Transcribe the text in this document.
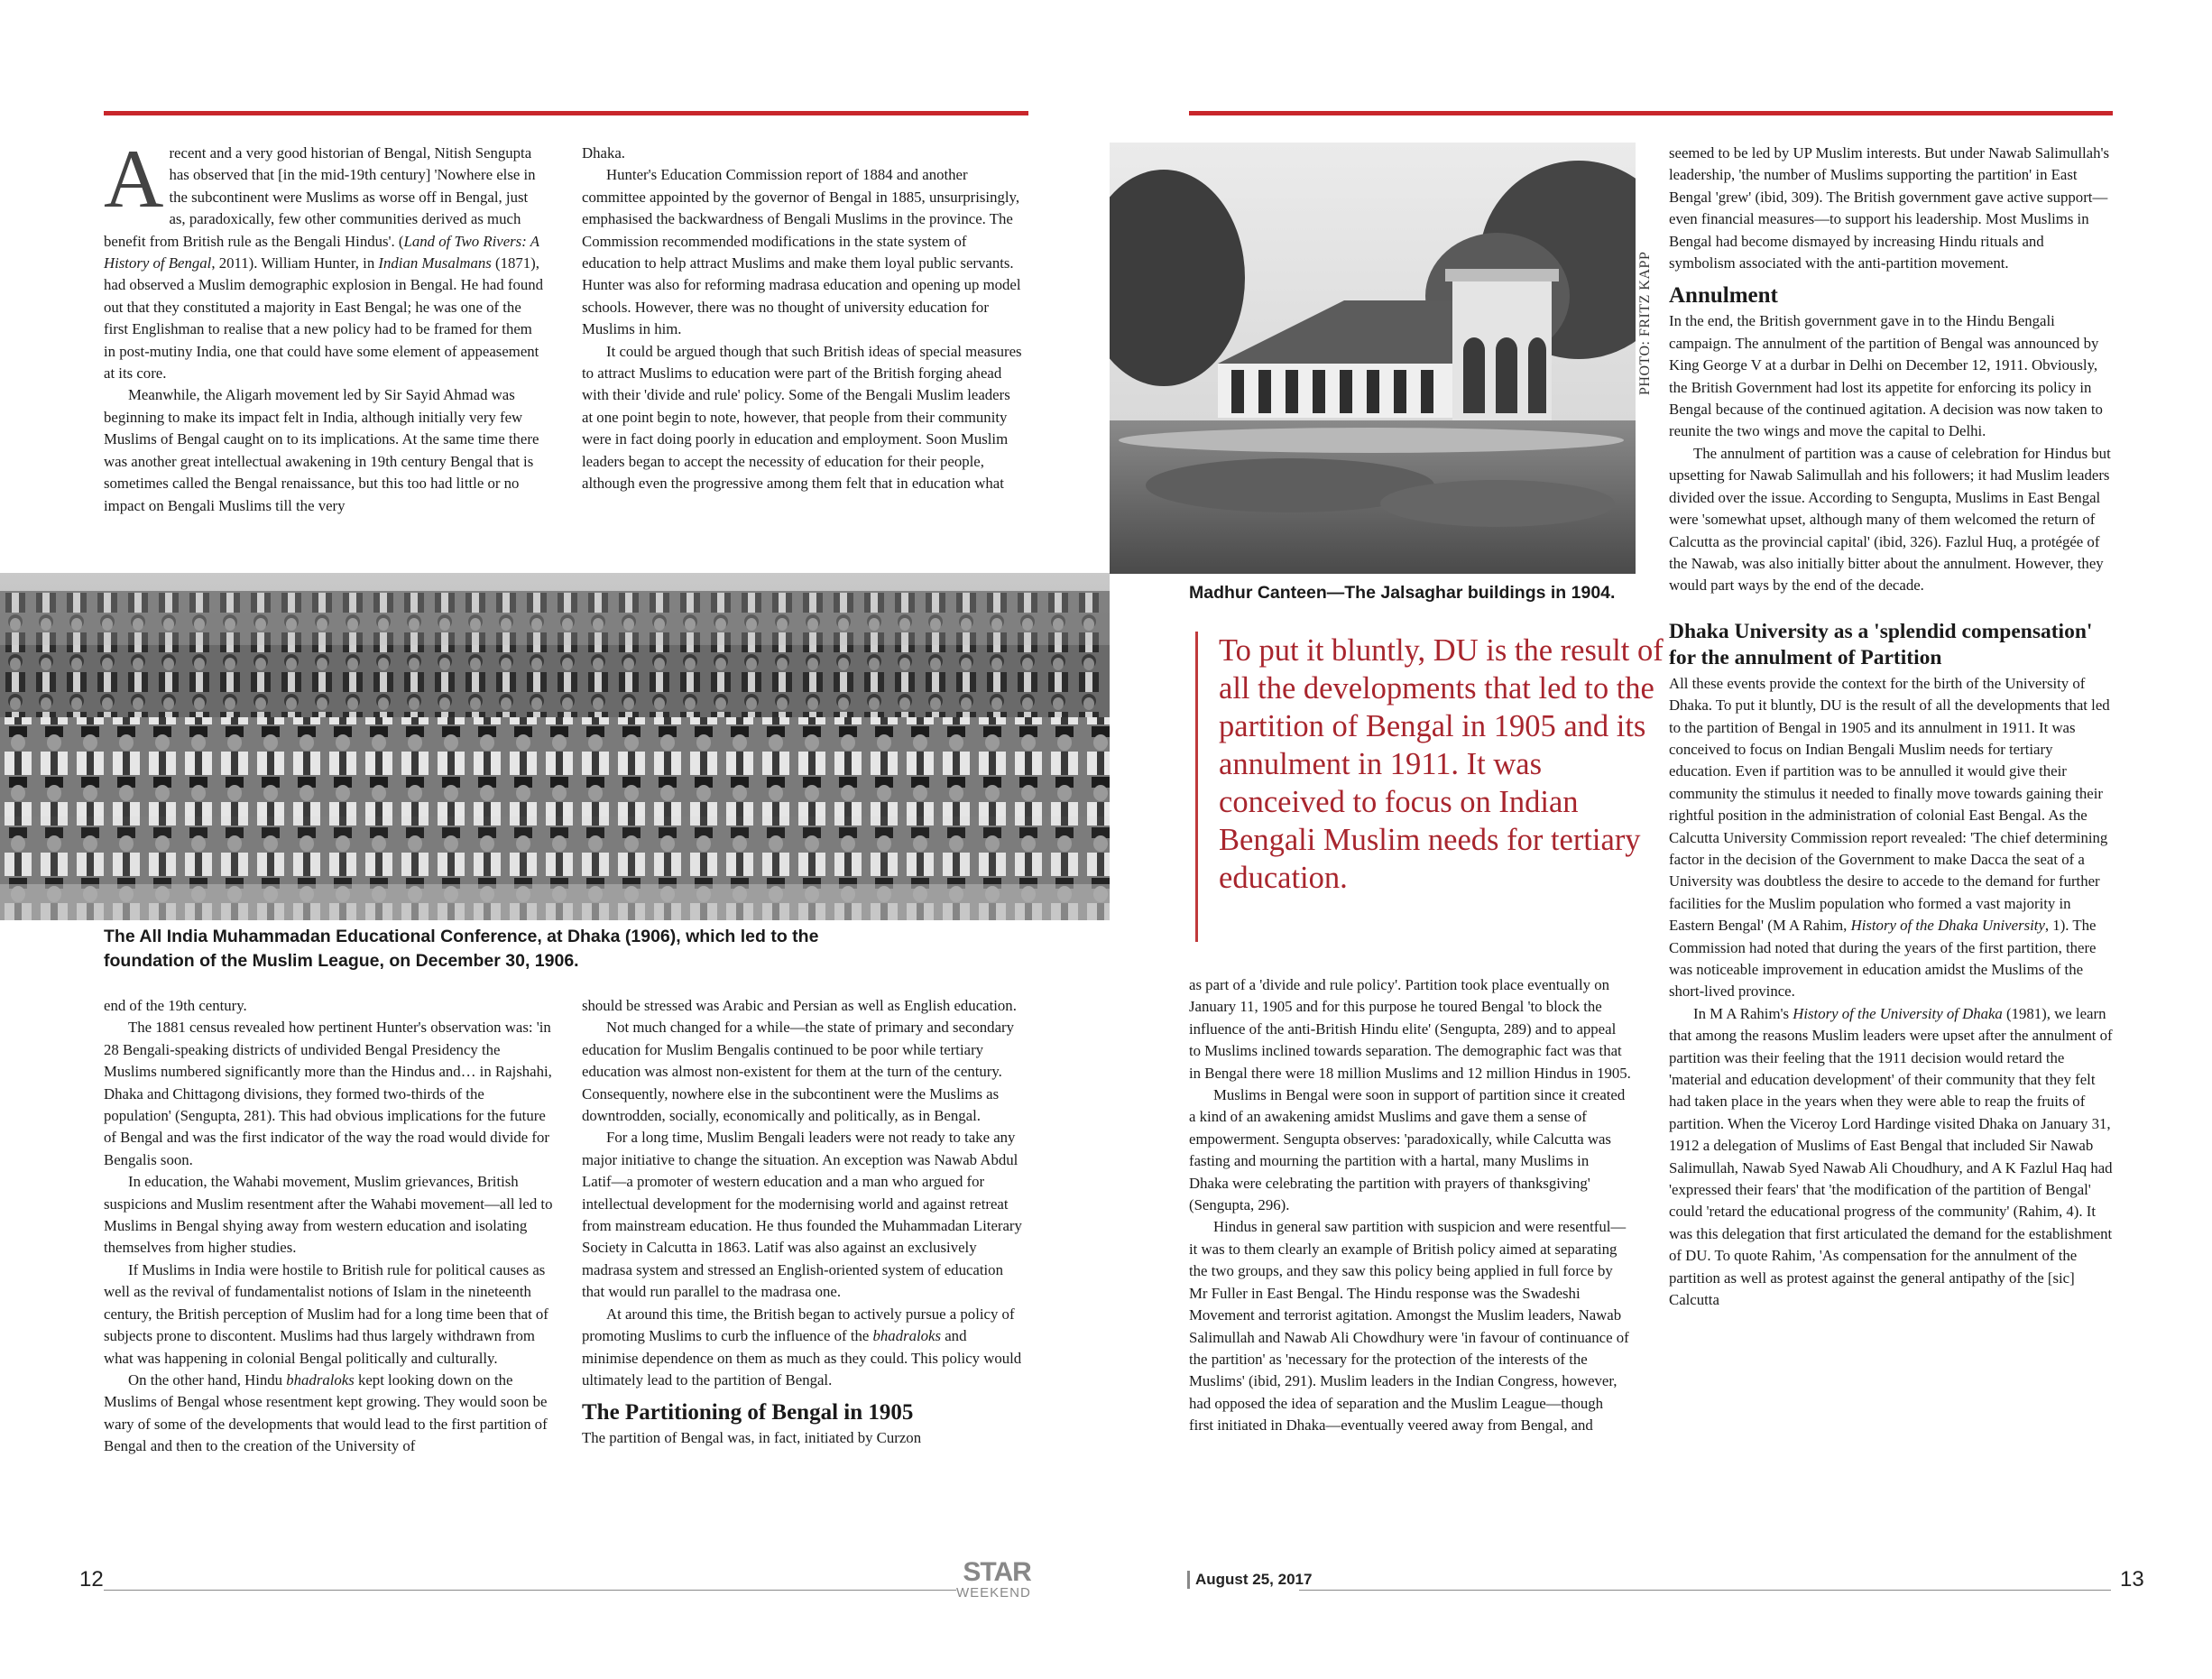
A recent and a very good historian of Bengal, Nitish Sengupta has observed that [in the mid-19th century] 'Nowhere else in the subcontinent were Muslims as worse off in Bengal, just as, paradoxically, few other communities derived as much benefit from British rule as the Bengali Hindus'. (Land of Two Rivers: A History of Bengal, 2011). William Hunter, in Indian Musalmans (1871), had observed a Muslim demographic explosion in Bengal. He had found out that they constituted a majority in East Bengal; he was one of the first Englishman to realise that a new policy had to be framed for them in post-mutiny India, one that could have some element of appeasement at its core.

Meanwhile, the Aligarh movement led by Sir Sayid Ahmad was beginning to make its impact felt in India, although initially very few Muslims of Bengal caught on to its implications. At the same time there was another great intellectual awakening in 19th century Bengal that is sometimes called the Bengal renaissance, but this too had little or no impact on Bengali Muslims till the very

Dhaka.

Hunter's Education Commission report of 1884 and another committee appointed by the governor of Bengal in 1885, unsurprisingly, emphasised the backwardness of Bengali Muslims in the province. The Commission recommended modifications in the state system of education to help attract Muslims and make them loyal public servants. Hunter was also for reforming madrasa education and opening up model schools. However, there was no thought of university education for Muslims in him.

It could be argued though that such British ideas of special measures to attract Muslims to education were part of the British forging ahead with their 'divide and rule' policy. Some of the Bengali Muslim leaders at one point begin to note, however, that people from their community were in fact doing poorly in education and employment. Soon Muslim leaders began to accept the necessity of education for their people, although even the progressive among them felt that in education what

The All India Muhammadan Educational Conference, at Dhaka (1906), which led to the foundation of the Muslim League, on December 30, 1906.

end of the 19th century.

The 1881 census revealed how pertinent Hunter's observation was: 'in 28 Bengali-speaking districts of undivided Bengal Presidency the Muslims numbered significantly more than the Hindus and… in Rajshahi, Dhaka and Chittagong divisions, they formed two-thirds of the population' (Sengupta, 281). This had obvious implications for the future of Bengal and was the first indicator of the way the road would divide for Bengalis soon.

In education, the Wahabi movement, Muslim grievances, British suspicions and Muslim resentment after the Wahabi movement—all led to Muslims in Bengal shying away from western education and isolating themselves from higher studies.

If Muslims in India were hostile to British rule for political causes as well as the revival of fundamentalist notions of Islam in the nineteenth century, the British perception of Muslim had for a long time been that of subjects prone to discontent. Muslims had thus largely withdrawn from what was happening in colonial Bengal politically and culturally.

On the other hand, Hindu bhadraloks kept looking down on the Muslims of Bengal whose resentment kept growing. They would soon be wary of some of the developments that would lead to the first partition of Bengal and then to the creation of the University of

should be stressed was Arabic and Persian as well as English education.

Not much changed for a while—the state of primary and secondary education for Muslim Bengalis continued to be poor while tertiary education was almost non-existent for them at the turn of the century. Consequently, nowhere else in the subcontinent were the Muslims as downtrodden, socially, economically and politically, as in Bengal.

For a long time, Muslim Bengali leaders were not ready to take any major initiative to change the situation. An exception was Nawab Abdul Latif—a promoter of western education and a man who argued for intellectual development for the modernising world and against retreat from mainstream education. He thus founded the Muhammadan Literary Society in Calcutta in 1863. Latif was also against an exclusively madrasa system and stressed an English-oriented system of education that would run parallel to the madrasa one.

At around this time, the British began to actively pursue a policy of promoting Muslims to curb the influence of the bhadraloks and minimise dependence on them as much as they could. This policy would ultimately lead to the partition of Bengal.

The Partitioning of Bengal in 1905

The partition of Bengal was, in fact, initiated by Curzon

PHOTO: FRITZ KAPP
Madhur Canteen—The Jalsaghar buildings in 1904.
To put it bluntly, DU is the result of all the developments that led to the partition of Bengal in 1905 and its annulment in 1911. It was conceived to focus on Indian Bengali Muslim needs for tertiary education.

as part of a 'divide and rule policy'. Partition took place eventually on January 11, 1905 and for this purpose he toured Bengal 'to block the influence of the anti-British Hindu elite' (Sengupta, 289) and to appeal to Muslims inclined towards separation. The demographic fact was that in Bengal there were 18 million Muslims and 12 million Hindus in 1905.

Muslims in Bengal were soon in support of partition since it created a kind of an awakening amidst Muslims and gave them a sense of empowerment. Sengupta observes: 'paradoxically, while Calcutta was fasting and mourning the partition with a hartal, many Muslims in Dhaka were celebrating the partition with prayers of thanksgiving' (Sengupta, 296).

Hindus in general saw partition with suspicion and were resentful—it was to them clearly an example of British policy aimed at separating the two groups, and they saw this policy being applied in full force by Mr Fuller in East Bengal. The Hindu response was the Swadeshi Movement and terrorist agitation. Amongst the Muslim leaders, Nawab Salimullah and Nawab Ali Chowdhury were 'in favour of continuance of the partition' as 'necessary for the protection of the interests of the Muslims' (ibid, 291). Muslim leaders in the Indian Congress, however, had opposed the idea of separation and the Muslim League—though first initiated in Dhaka—eventually veered away from Bengal, and

seemed to be led by UP Muslim interests. But under Nawab Salimullah's leadership, 'the number of Muslims supporting the partition' in East Bengal 'grew' (ibid, 309). The British government gave active support—even financial measures—to support his leadership. Most Muslims in Bengal had become dismayed by increasing Hindu rituals and symbolism associated with the anti-partition movement.

Annulment

In the end, the British government gave in to the Hindu Bengali campaign. The annulment of the partition of Bengal was announced by King George V at a durbar in Delhi on December 12, 1911. Obviously, the British Government had lost its appetite for enforcing its policy in Bengal because of the continued agitation. A decision was now taken to reunite the two wings and move the capital to Delhi.

The annulment of partition was a cause of celebration for Hindus but upsetting for Nawab Salimullah and his followers; it had Muslim leaders divided over the issue. According to Sengupta, Muslims in East Bengal were 'somewhat upset, although many of them welcomed the return of Calcutta as the provincial capital' (ibid, 326). Fazlul Huq, a protégée of the Nawab, was also initially bitter about the annulment. However, they would part ways by the end of the decade.

Dhaka University as a 'splendid compensation' for the annulment of Partition

All these events provide the context for the birth of the University of Dhaka. To put it bluntly, DU is the result of all the developments that led to the partition of Bengal in 1905 and its annulment in 1911. It was conceived to focus on Indian Bengali Muslim needs for tertiary education. Even if partition was to be annulled it would give their community the stimulus it needed to finally move towards gaining their rightful position in the administration of colonial East Bengal. As the Calcutta University Commission report revealed: 'The chief determining factor in the decision of the Government to make Dacca the seat of a University was doubtless the desire to accede to the demand for further facilities for the Muslim population who formed a vast majority in Eastern Bengal' (M A Rahim, History of the Dhaka University, 1). The Commission had noted that during the years of the first partition, there was noticeable improvement in education amidst the Muslims of the short-lived province.

In M A Rahim's History of the University of Dhaka (1981), we learn that among the reasons Muslim leaders were upset after the annulment of partition was their feeling that the 1911 decision would retard the 'material and education development' of their community that they felt had taken place in the years when they were able to reap the fruits of partition. When the Viceroy Lord Hardinge visited Dhaka on January 31, 1912 a delegation of Muslims of East Bengal that included Sir Nawab Salimullah, Nawab Syed Nawab Ali Choudhury, and A K Fazlul Haq had 'expressed their fears' that 'the modification of the partition of Bengal' could 'retard the educational progress of the community' (Rahim, 4). It was this delegation that first articulated the demand for the establishment of DU. To quote Rahim, 'As compensation for the annulment of the partition as well as protest against the general antipathy of the [sic] Calcutta

12	STAR
WEEKEND
August 25, 2017	13
